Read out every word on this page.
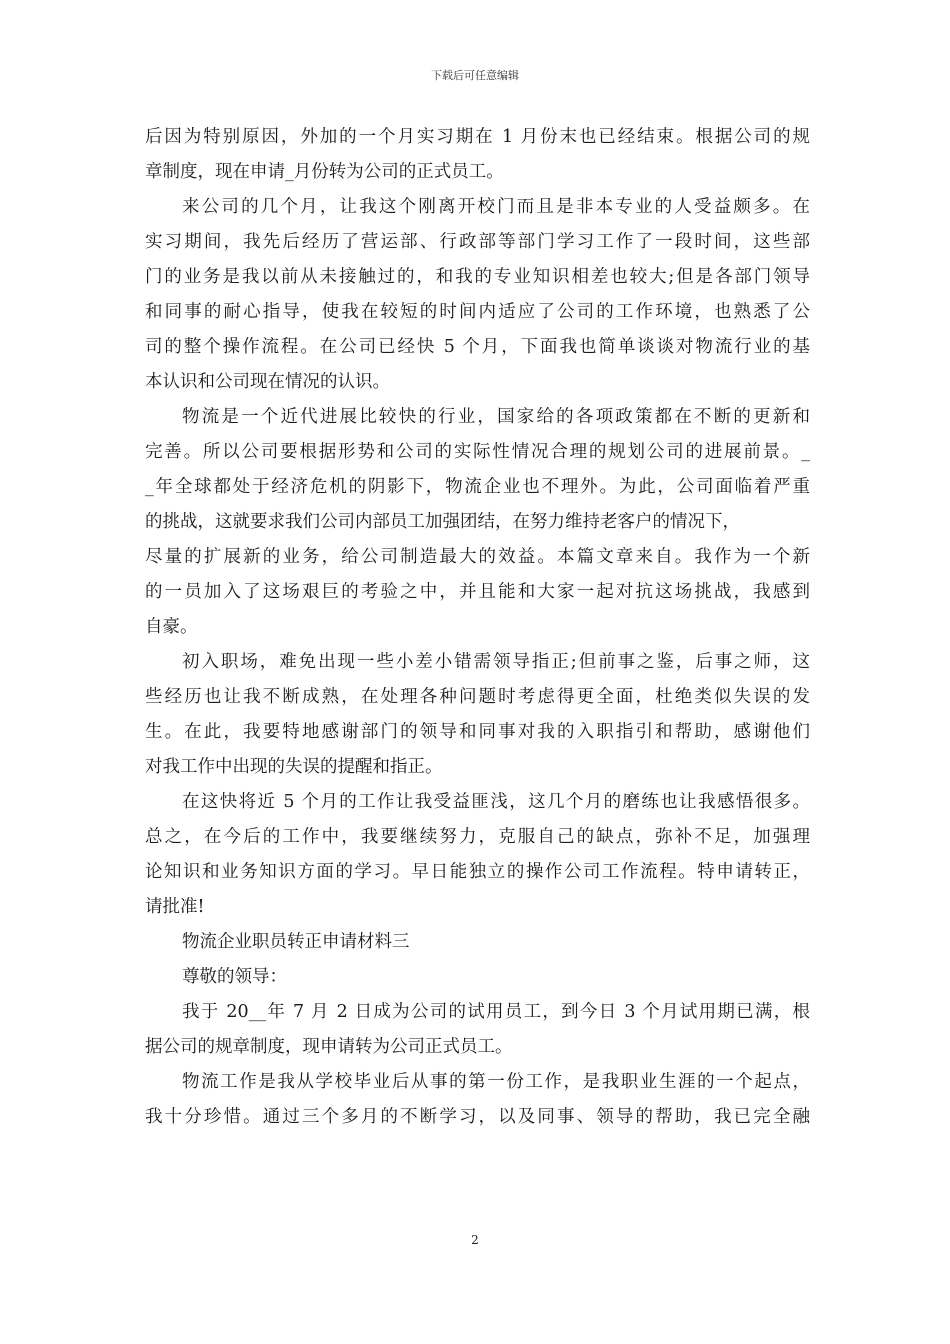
下载后可任意编辑
后因为特别原因，外加的一个月实习期在 1 月份末也已经结束。根据公司的规
章制度，现在申请_月份转为公司的正式员工。
来公司的几个月，让我这个刚离开校门而且是非本专业的人受益颇多。在
实习期间，我先后经历了营运部、行政部等部门学习工作了一段时间，这些部
门的业务是我以前从未接触过的，和我的专业知识相差也较大;但是各部门领导
和同事的耐心指导，使我在较短的时间内适应了公司的工作环境，也熟悉了公
司的整个操作流程。在公司已经快 5 个月，下面我也简单谈谈对物流行业的基
本认识和公司现在情况的认识。
物流是一个近代进展比较快的行业，国家给的各项政策都在不断的更新和
完善。所以公司要根据形势和公司的实际性情况合理的规划公司的进展前景。_
_年全球都处于经济危机的阴影下，物流企业也不理外。为此，公司面临着严重
的挑战，这就要求我们公司内部员工加强团结，在努力维持老客户的情况下，
尽量的扩展新的业务，给公司制造最大的效益。本篇文章来自。我作为一个新
的一员加入了这场艰巨的考验之中，并且能和大家一起对抗这场挑战，我感到
自豪。
初入职场，难免出现一些小差小错需领导指正;但前事之鉴，后事之师，这
些经历也让我不断成熟，在处理各种问题时考虑得更全面，杜绝类似失误的发
生。在此，我要特地感谢部门的领导和同事对我的入职指引和帮助，感谢他们
对我工作中出现的失误的提醒和指正。
在这快将近 5 个月的工作让我受益匪浅，这几个月的磨练也让我感悟很多。
总之，在今后的工作中，我要继续努力，克服自己的缺点，弥补不足，加强理
论知识和业务知识方面的学习。早日能独立的操作公司工作流程。特申请转正，
请批准!
物流企业职员转正申请材料三
尊敬的领导：
我于 20__年 7 月 2 日成为公司的试用员工，到今日 3 个月试用期已满，根
据公司的规章制度，现申请转为公司正式员工。
物流工作是我从学校毕业后从事的第一份工作，是我职业生涯的一个起点，
我十分珍惜。通过三个多月的不断学习，以及同事、领导的帮助，我已完全融
2
